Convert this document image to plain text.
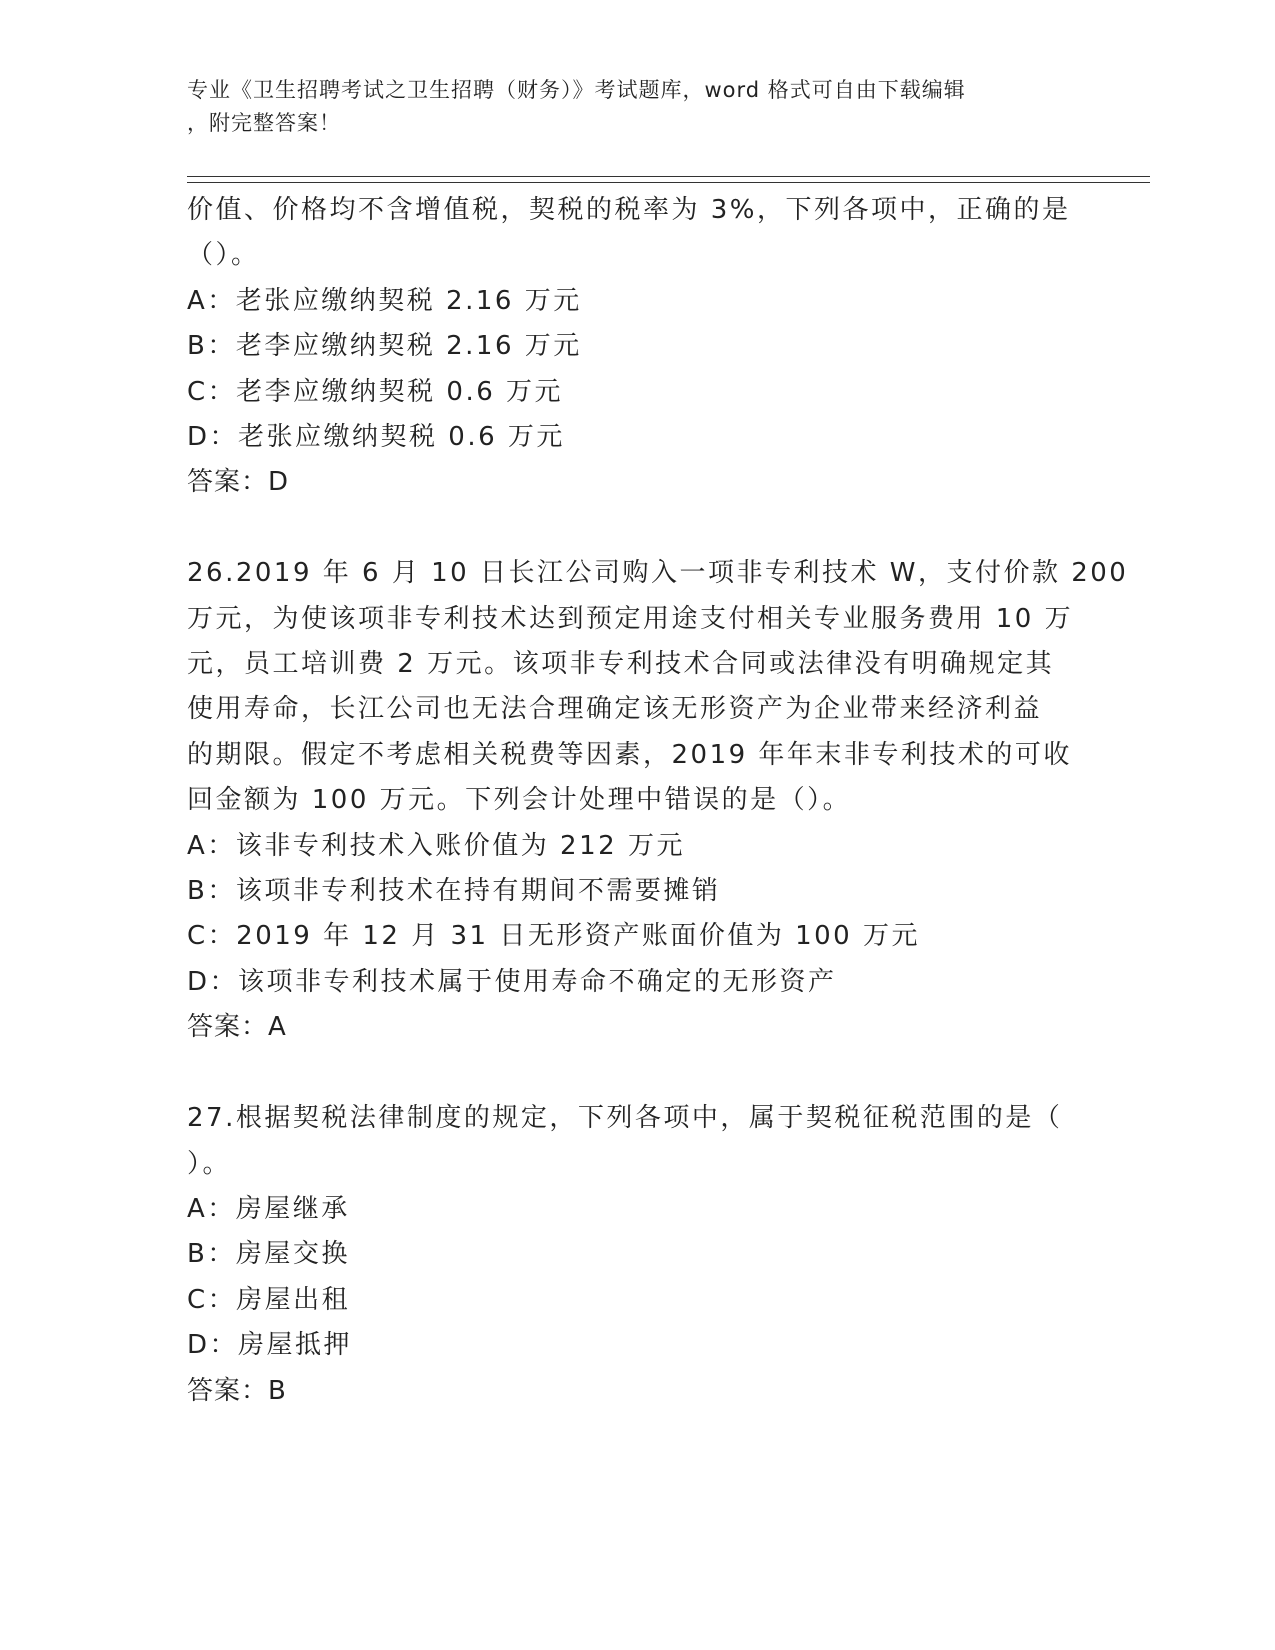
专业《卫生招聘考试之卫生招聘（财务）》考试题库，word 格式可自由下载编辑
，附完整答案！
价值、价格均不含增值税，契税的税率为 3%，下列各项中，正确的是
（）。
A：老张应缴纳契税 2.16 万元
B：老李应缴纳契税 2.16 万元
C：老李应缴纳契税 0.6 万元
D：老张应缴纳契税 0.6 万元
答案：D
26.2019 年 6 月 10 日长江公司购入一项非专利技术 W，支付价款 200
万元，为使该项非专利技术达到预定用途支付相关专业服务费用 10 万
元，员工培训费 2 万元。该项非专利技术合同或法律没有明确规定其
使用寿命，长江公司也无法合理确定该无形资产为企业带来经济利益
的期限。假定不考虑相关税费等因素，2019 年年末非专利技术的可收
回金额为 100 万元。下列会计处理中错误的是（）。
A：该非专利技术入账价值为 212 万元
B：该项非专利技术在持有期间不需要摊销
C：2019 年 12 月 31 日无形资产账面价值为 100 万元
D：该项非专利技术属于使用寿命不确定的无形资产
答案：A
27.根据契税法律制度的规定，下列各项中，属于契税征税范围的是（
）。
A：房屋继承
B：房屋交换
C：房屋出租
D：房屋抵押
答案：B
